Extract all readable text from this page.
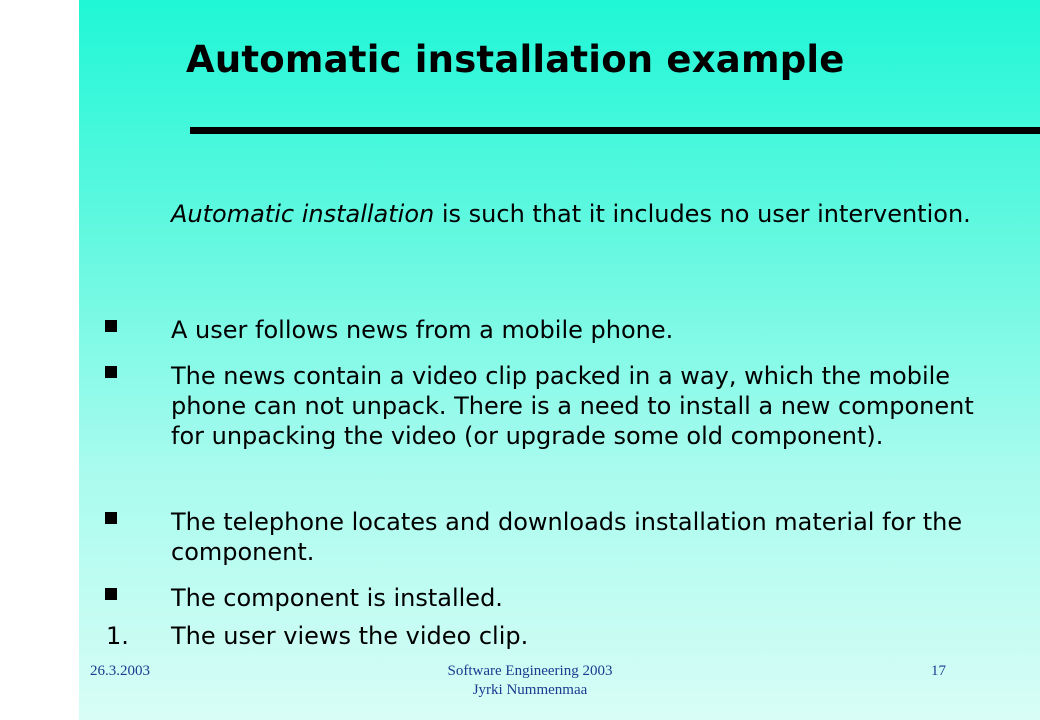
Automatic installation example
Automatic installation is such that it includes no user intervention.
A user follows news from a mobile phone.
The news contain a video clip packed in a way, which the mobile phone can not unpack. There is a need to install a new component for unpacking the video (or upgrade some old component).
The telephone locates and downloads installation material for the component.
The component is installed.
1. The user views the video clip.
26.3.2003	Software Engineering 2003
Jyrki Nummenmaa
17
